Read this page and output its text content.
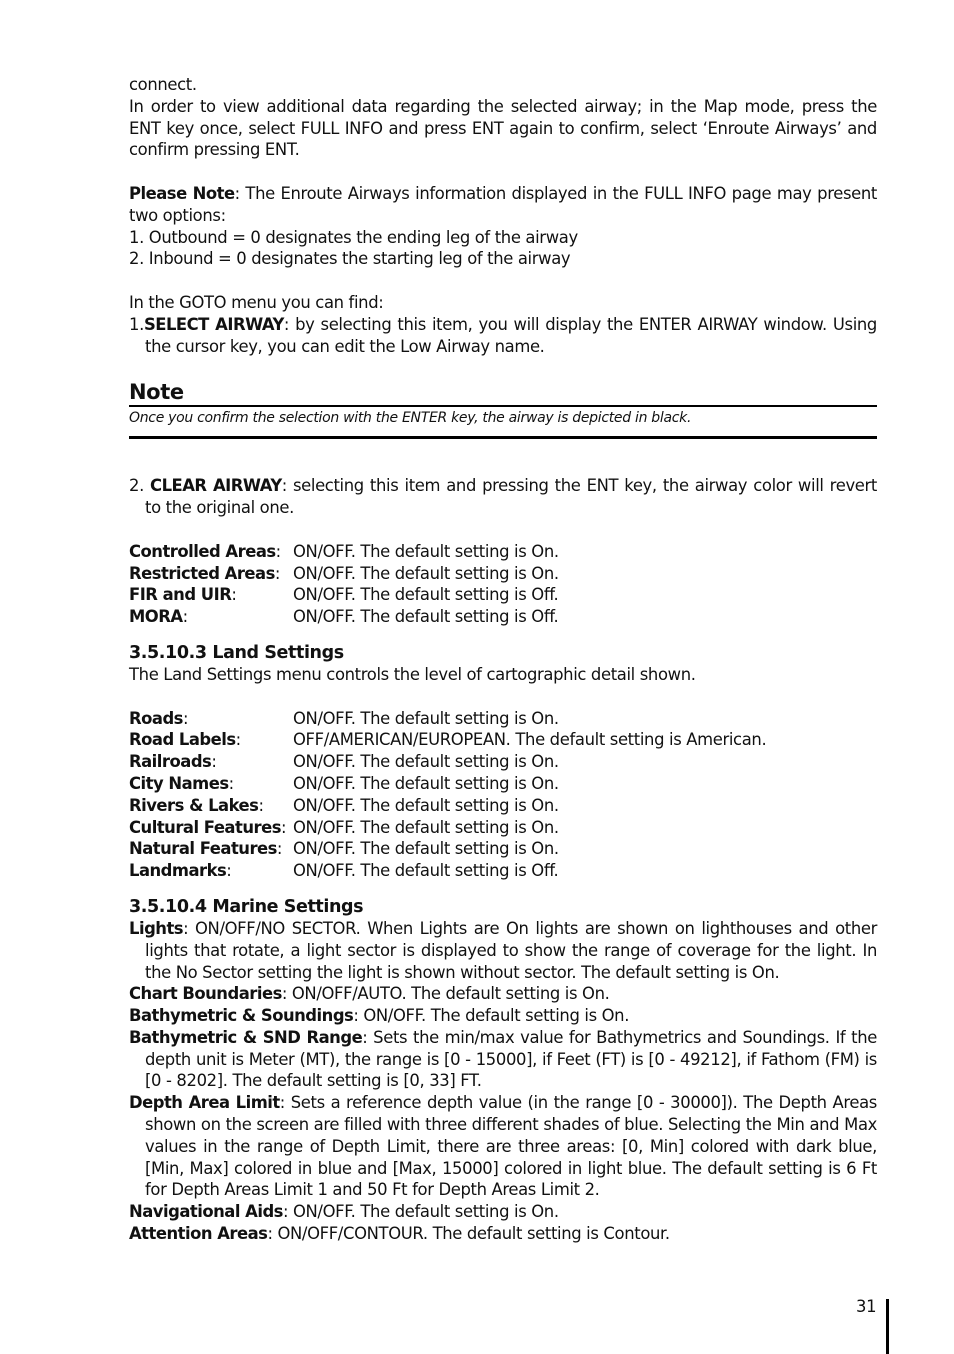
connect.

In order to view additional data regarding the selected airway; in the Map mode, press the ENT key once, select FULL INFO and press ENT again to confirm, select ‘Enroute Airways’ and confirm pressing ENT.

Please Note: The Enroute Airways information displayed in the FULL INFO page may present two options:

1. Outbound = 0 designates the ending leg of the airway

2. Inbound = 0 designates the starting leg of the airway

In the GOTO menu you can find:

1.SELECT AIRWAY: by selecting this item, you will display the ENTER AIRWAY window. Using the cursor key, you can edit the Low Airway name.

Note

Once you confirm the selection with the ENTER key, the airway is depicted in black.

2. CLEAR AIRWAY: selecting this item and pressing the ENT key, the airway color will revert to the original one.

Controlled Areas: ON/OFF. The default setting is On.
Restricted Areas: ON/OFF. The default setting is On.
FIR and UIR:	ON/OFF. The default setting is Off.
MORA:	ON/OFF. The default setting is Off.
3.5.10.3 Land Settings

The Land Settings menu controls the level of cartographic detail shown.

Roads:	ON/OFF. The default setting is On.
Road Labels:	OFF/AMERICAN/EUROPEAN. The default setting is American.
Railroads:	ON/OFF. The default setting is On.
City Names:	ON/OFF. The default setting is On.
Rivers & Lakes:	ON/OFF. The default setting is On.
Cultural Features: ON/OFF. The default setting is On.
Natural Features: ON/OFF. The default setting is On.
Landmarks:	ON/OFF. The default setting is Off.
3.5.10.4 Marine Settings

Lights: ON/OFF/NO SECTOR. When Lights are On lights are shown on lighthouses and other lights that rotate, a light sector is displayed to show the range of coverage for the light. In the No Sector setting the light is shown without sector. The default setting is On.

Chart Boundaries: ON/OFF/AUTO. The default setting is On.

Bathymetric & Soundings: ON/OFF. The default setting is On.

Bathymetric & SND Range: Sets the min/max value for Bathymetrics and Soundings. If the depth unit is Meter (MT), the range is [0 - 15000], if Feet (FT) is [0 - 49212], if Fathom (FM) is [0 - 8202]. The default setting is [0, 33] FT.

Depth Area Limit: Sets a reference depth value (in the range [0 - 30000]). The Depth Areas shown on the screen are filled with three different shades of blue. Selecting the Min and Max values in the range of Depth Limit, there are three areas: [0, Min] colored with dark blue, [Min, Max] colored in blue and [Max, 15000] colored in light blue. The default setting is 6 Ft for Depth Areas Limit 1 and 50 Ft for Depth Areas Limit 2.

Navigational Aids: ON/OFF. The default setting is On.

Attention Areas: ON/OFF/CONTOUR. The default setting is Contour.

31
